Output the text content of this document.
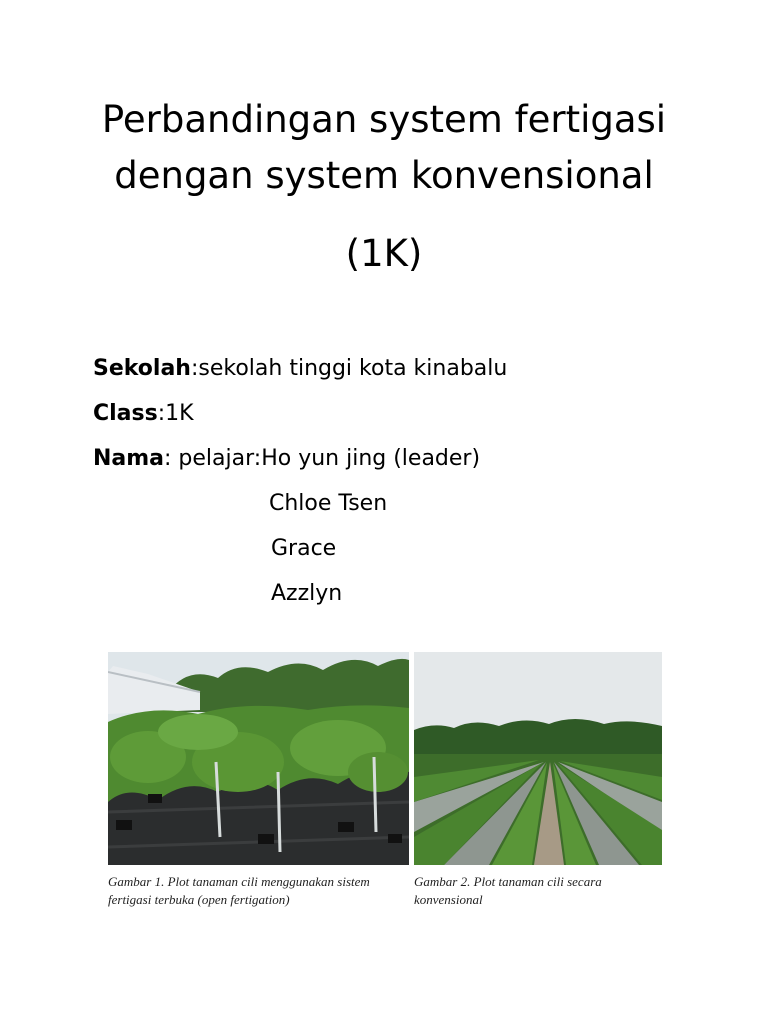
Perbandingan system fertigasi
dengan system konvensional
(1K)
Sekolah:sekolah tinggi kota kinabalu
Class:1K
Nama: pelajar:Ho yun jing (leader)
Chloe Tsen
Grace
Azzlyn
Gambar 1. Plot tanaman cili menggunakan sistem
fertigasi terbuka (open fertigation)
Gambar 2. Plot tanaman cili secara
konvensional
